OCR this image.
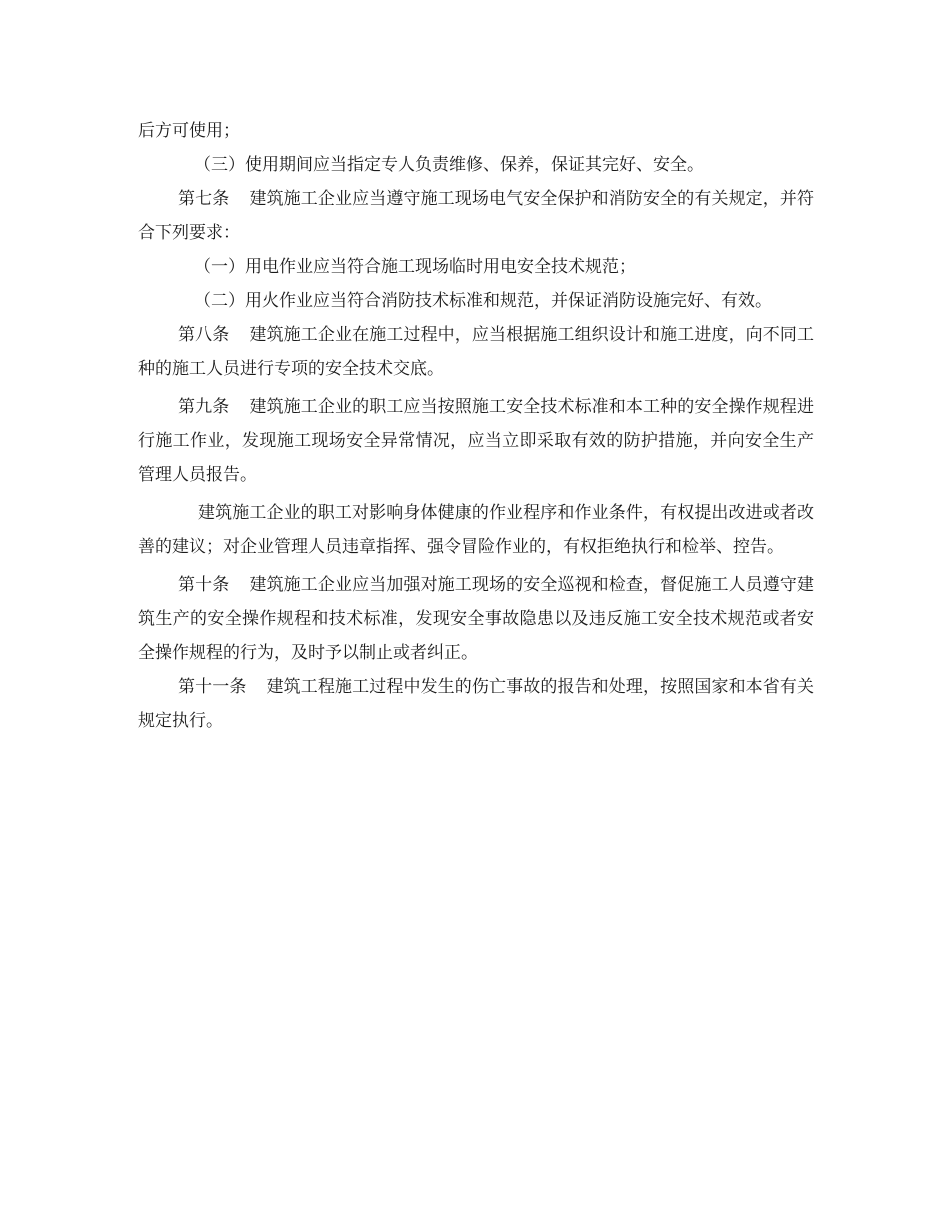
后方可使用；

（三）使用期间应当指定专人负责维修、保养，保证其完好、安全。

第七条 建筑施工企业应当遵守施工现场电气安全保护和消防安全的有关规定，并符合下列要求：

（一）用电作业应当符合施工现场临时用电安全技术规范；

（二）用火作业应当符合消防技术标准和规范，并保证消防设施完好、有效。

第八条 建筑施工企业在施工过程中，应当根据施工组织设计和施工进度，向不同工种的施工人员进行专项的安全技术交底。

第九条 建筑施工企业的职工应当按照施工安全技术标准和本工种的安全操作规程进行施工作业，发现施工现场安全异常情况，应当立即采取有效的防护措施，并向安全生产管理人员报告。

建筑施工企业的职工对影响身体健康的作业程序和作业条件，有权提出改进或者改善的建议；对企业管理人员违章指挥、强令冒险作业的，有权拒绝执行和检举、控告。

第十条 建筑施工企业应当加强对施工现场的安全巡视和检查，督促施工人员遵守建筑生产的安全操作规程和技术标准，发现安全事故隐患以及违反施工安全技术规范或者安全操作规程的行为，及时予以制止或者纠正。

第十一条 建筑工程施工过程中发生的伤亡事故的报告和处理，按照国家和本省有关规定执行。
